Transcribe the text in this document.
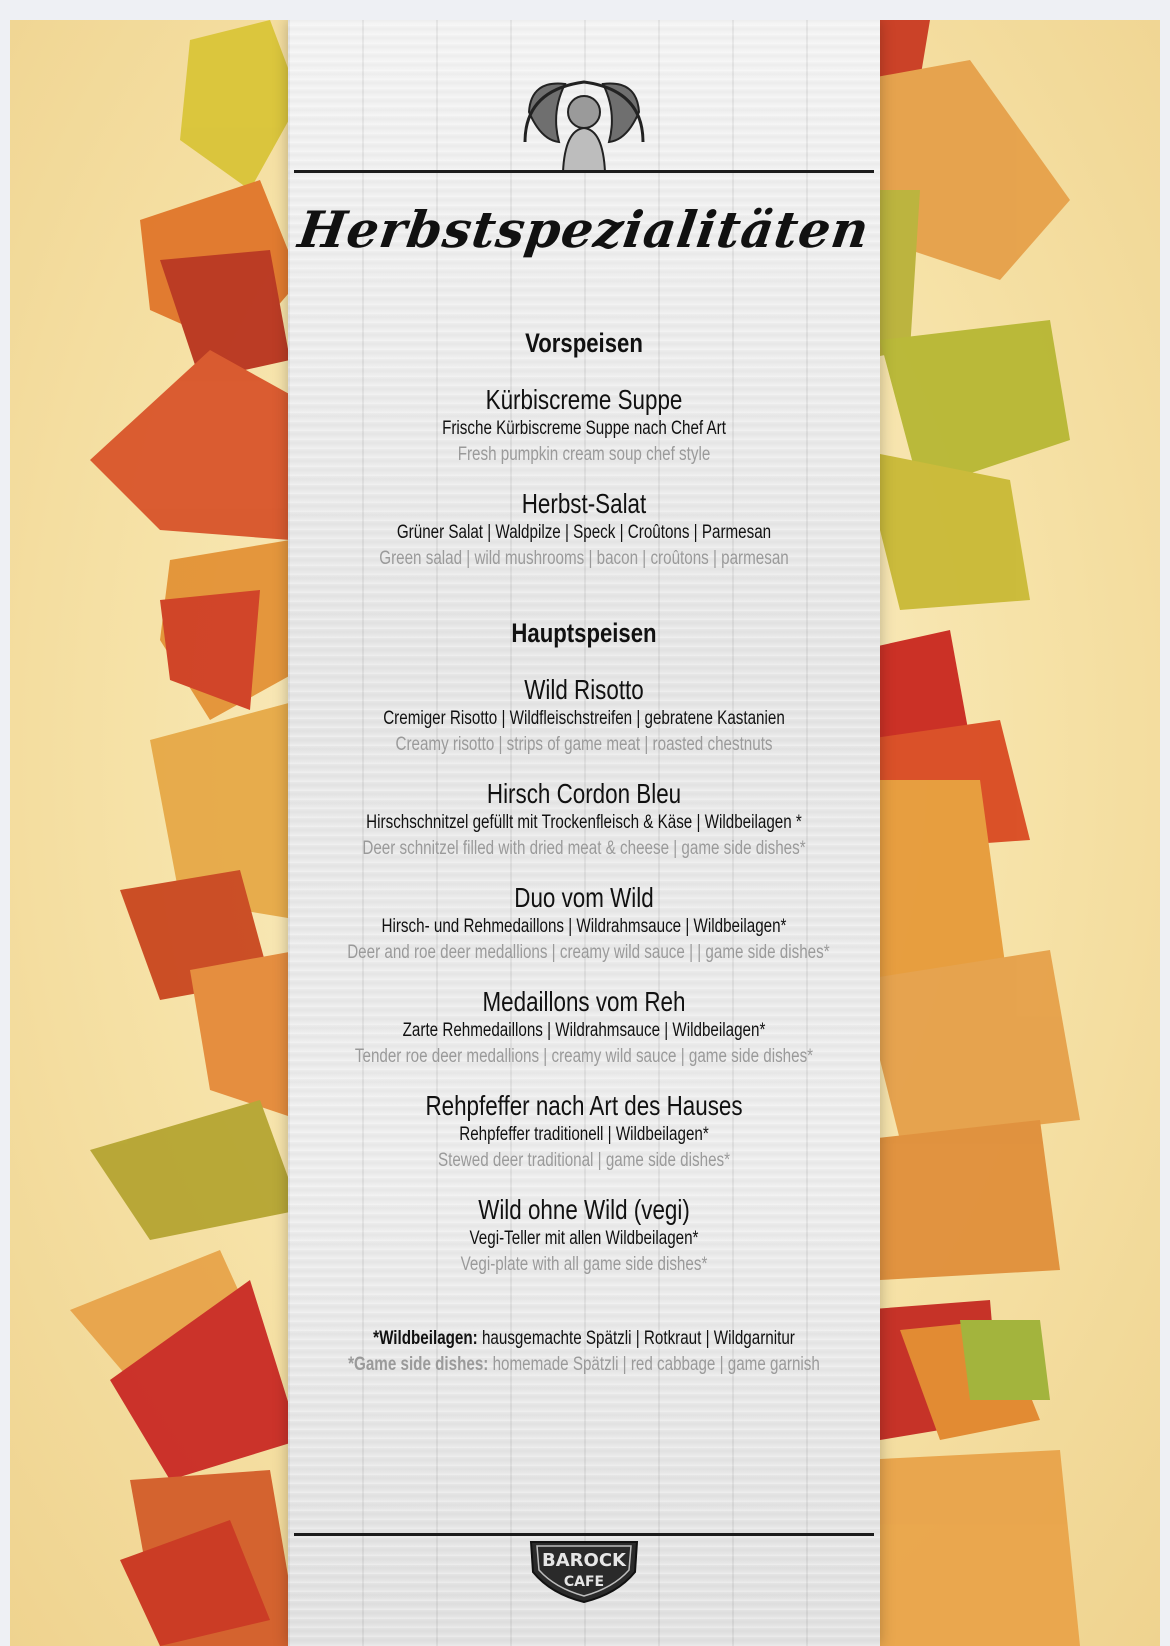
Herbstspezialitäten
Vorspeisen
Kürbiscreme Suppe
Frische Kürbiscreme Suppe nach Chef Art
Fresh pumpkin cream soup chef style
Herbst-Salat
Grüner Salat | Waldpilze | Speck | Croûtons | Parmesan
Green salad | wild mushrooms | bacon | croûtons | parmesan
Hauptspeisen
Wild Risotto
Cremiger Risotto | Wildfleischstreifen | gebratene Kastanien
Creamy risotto | strips of game meat | roasted chestnuts
Hirsch Cordon Bleu
Hirschschnitzel gefüllt mit Trockenfleisch & Käse | Wildbeilagen *
Deer schnitzel filled with dried meat & cheese | game side dishes*
Duo vom Wild
Hirsch- und Rehmedaillons | Wildrahmsauce | Wildbeilagen*
Deer and roe deer medallions | creamy wild sauce | | game side dishes*
Medaillons vom Reh
Zarte Rehmedaillons | Wildrahmsauce | Wildbeilagen*
Tender roe deer medallions | creamy wild sauce | game side dishes*
Rehpfeffer nach Art des Hauses
Rehpfeffer traditionell | Wildbeilagen*
Stewed deer traditional | game side dishes*
Wild ohne Wild (vegi)
Vegi-Teller mit allen Wildbeilagen*
Vegi-plate with all game side dishes*
*Wildbeilagen: hausgemachte Spätzli | Rotkraut | Wildgarnitur
*Game side dishes: homemade Spätzli | red cabbage | game garnish
BAROCK
CAFE
